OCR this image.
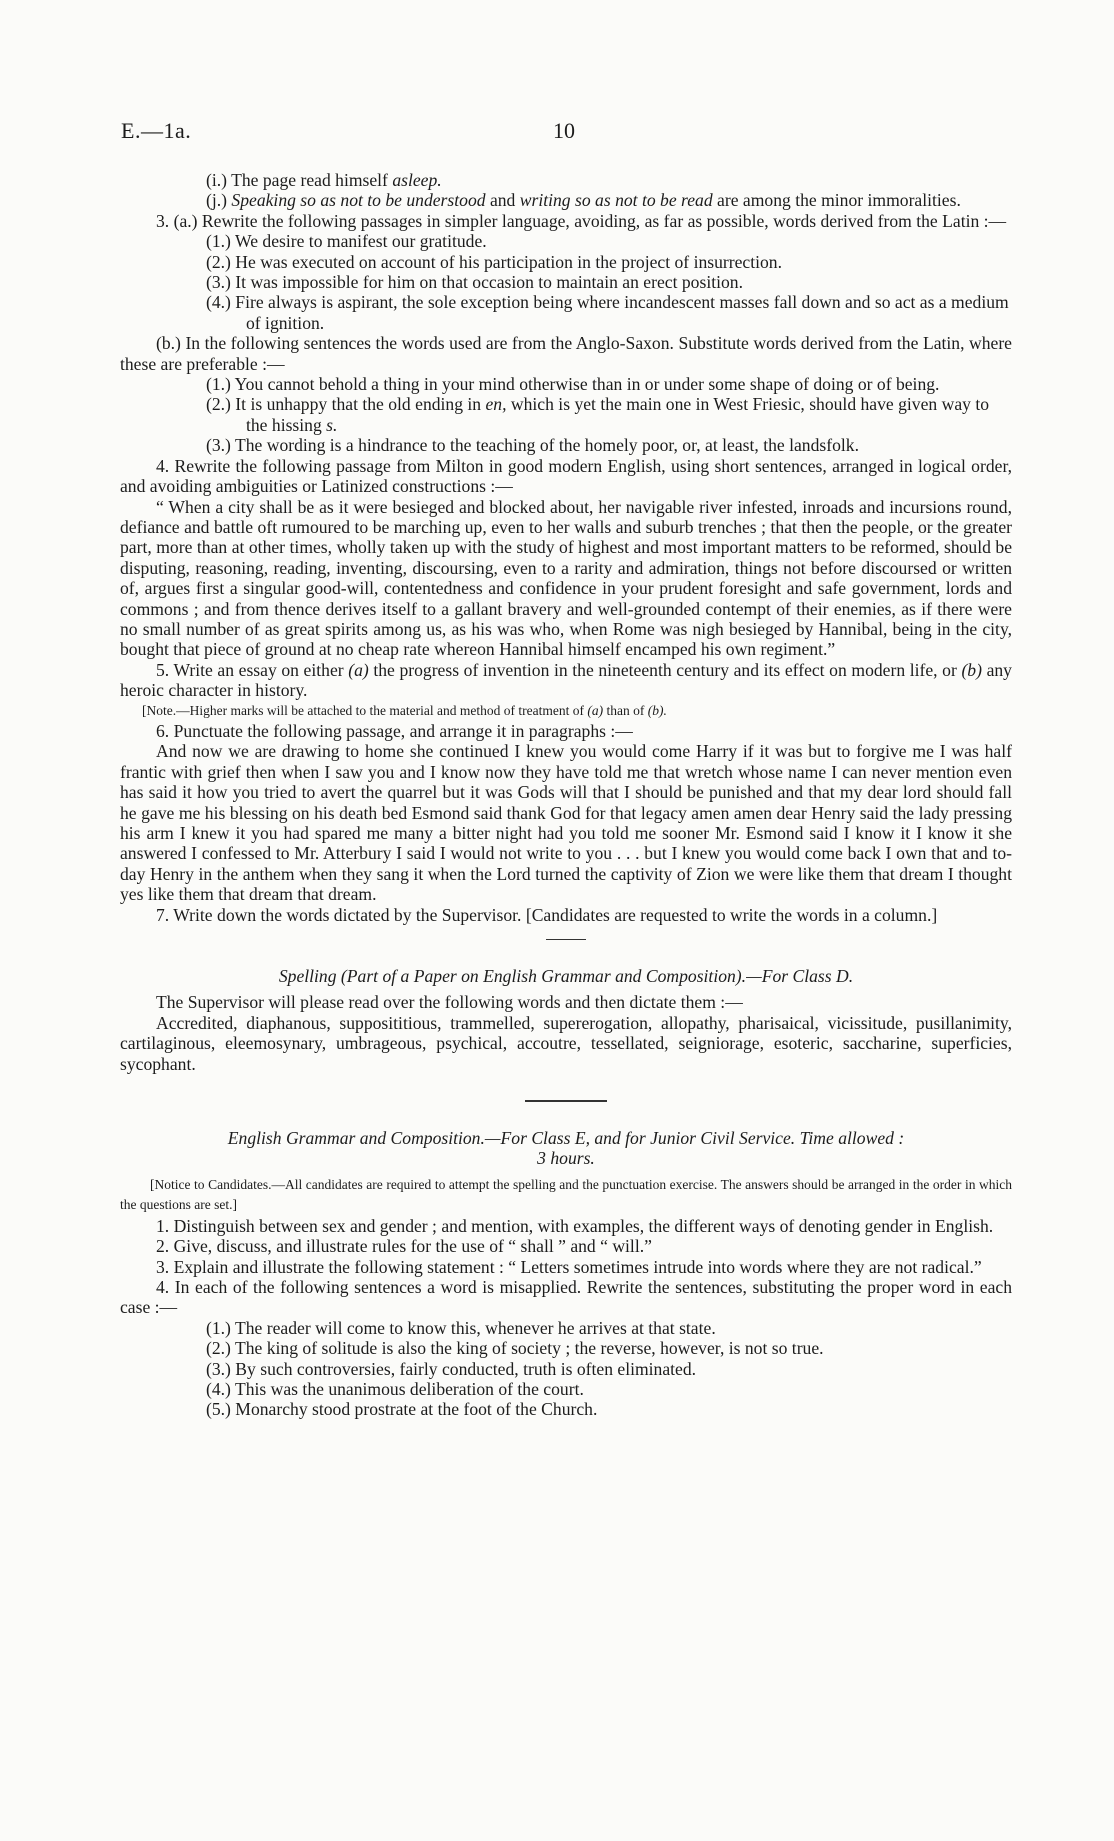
E.—1a.	10

(i.) The page read himself asleep.

(j.) Speaking so as not to be understood and writing so as not to be read are among the minor immoralities.

3. (a.) Rewrite the following passages in simpler language, avoiding, as far as possible, words derived from the Latin :—

(1.) We desire to manifest our gratitude.

(2.) He was executed on account of his participation in the project of insurrection.

(3.) It was impossible for him on that occasion to maintain an erect position.

(4.) Fire always is aspirant, the sole exception being where incandescent masses fall down and so act as a medium of ignition.

(b.) In the following sentences the words used are from the Anglo-Saxon. Substitute words derived from the Latin, where these are preferable :—

(1.) You cannot behold a thing in your mind otherwise than in or under some shape of doing or of being.

(2.) It is unhappy that the old ending in en, which is yet the main one in West Friesic, should have given way to the hissing s.

(3.) The wording is a hindrance to the teaching of the homely poor, or, at least, the landsfolk.

4. Rewrite the following passage from Milton in good modern English, using short sentences, arranged in logical order, and avoiding ambiguities or Latinized constructions :—

“ When a city shall be as it were besieged and blocked about, her navigable river infested, inroads and incursions round, defiance and battle oft rumoured to be marching up, even to her walls and suburb trenches ; that then the people, or the greater part, more than at other times, wholly taken up with the study of highest and most important matters to be reformed, should be disputing, reasoning, reading, inventing, discoursing, even to a rarity and admiration, things not before discoursed or written of, argues first a singular good-will, contentedness and confidence in your prudent foresight and safe government, lords and commons ; and from thence derives itself to a gallant bravery and well-grounded contempt of their enemies, as if there were no small number of as great spirits among us, as his was who, when Rome was nigh besieged by Hannibal, being in the city, bought that piece of ground at no cheap rate whereon Hannibal himself encamped his own regiment.”

5. Write an essay on either (a) the progress of invention in the nineteenth century and its effect on modern life, or (b) any heroic character in history.

[Note.—Higher marks will be attached to the material and method of treatment of (a) than of (b).

6. Punctuate the following passage, and arrange it in paragraphs :—

And now we are drawing to home she continued I knew you would come Harry if it was but to forgive me I was half frantic with grief then when I saw you and I know now they have told me that wretch whose name I can never mention even has said it how you tried to avert the quarrel but it was Gods will that I should be punished and that my dear lord should fall he gave me his blessing on his death bed Esmond said thank God for that legacy amen amen dear Henry said the lady pressing his arm I knew it you had spared me many a bitter night had you told me sooner Mr. Esmond said I know it I know it she answered I confessed to Mr. Atterbury I said I would not write to you . . . but I knew you would come back I own that and to-day Henry in the anthem when they sang it when the Lord turned the captivity of Zion we were like them that dream I thought yes like them that dream that dream.

7. Write down the words dictated by the Supervisor. [Candidates are requested to write the words in a column.]

Spelling (Part of a Paper on English Grammar and Composition).—For Class D.

The Supervisor will please read over the following words and then dictate them :—

Accredited, diaphanous, supposititious, trammelled, supererogation, allopathy, pharisaical, vicissitude, pusillanimity, cartilaginous, eleemosynary, umbrageous, psychical, accoutre, tessellated, seigniorage, esoteric, saccharine, superficies, sycophant.

English Grammar and Composition.—For Class E, and for Junior Civil Service. Time allowed :

3 hours.

[Notice to Candidates.—All candidates are required to attempt the spelling and the punctuation exercise. The answers should be arranged in the order in which the questions are set.]

1. Distinguish between sex and gender ; and mention, with examples, the different ways of denoting gender in English.

2. Give, discuss, and illustrate rules for the use of “ shall ” and “ will.”

3. Explain and illustrate the following statement : “ Letters sometimes intrude into words where they are not radical.”

4. In each of the following sentences a word is misapplied. Rewrite the sentences, substituting the proper word in each case :—

(1.) The reader will come to know this, whenever he arrives at that state.

(2.) The king of solitude is also the king of society ; the reverse, however, is not so true.

(3.) By such controversies, fairly conducted, truth is often eliminated.

(4.) This was the unanimous deliberation of the court.

(5.) Monarchy stood prostrate at the foot of the Church.
